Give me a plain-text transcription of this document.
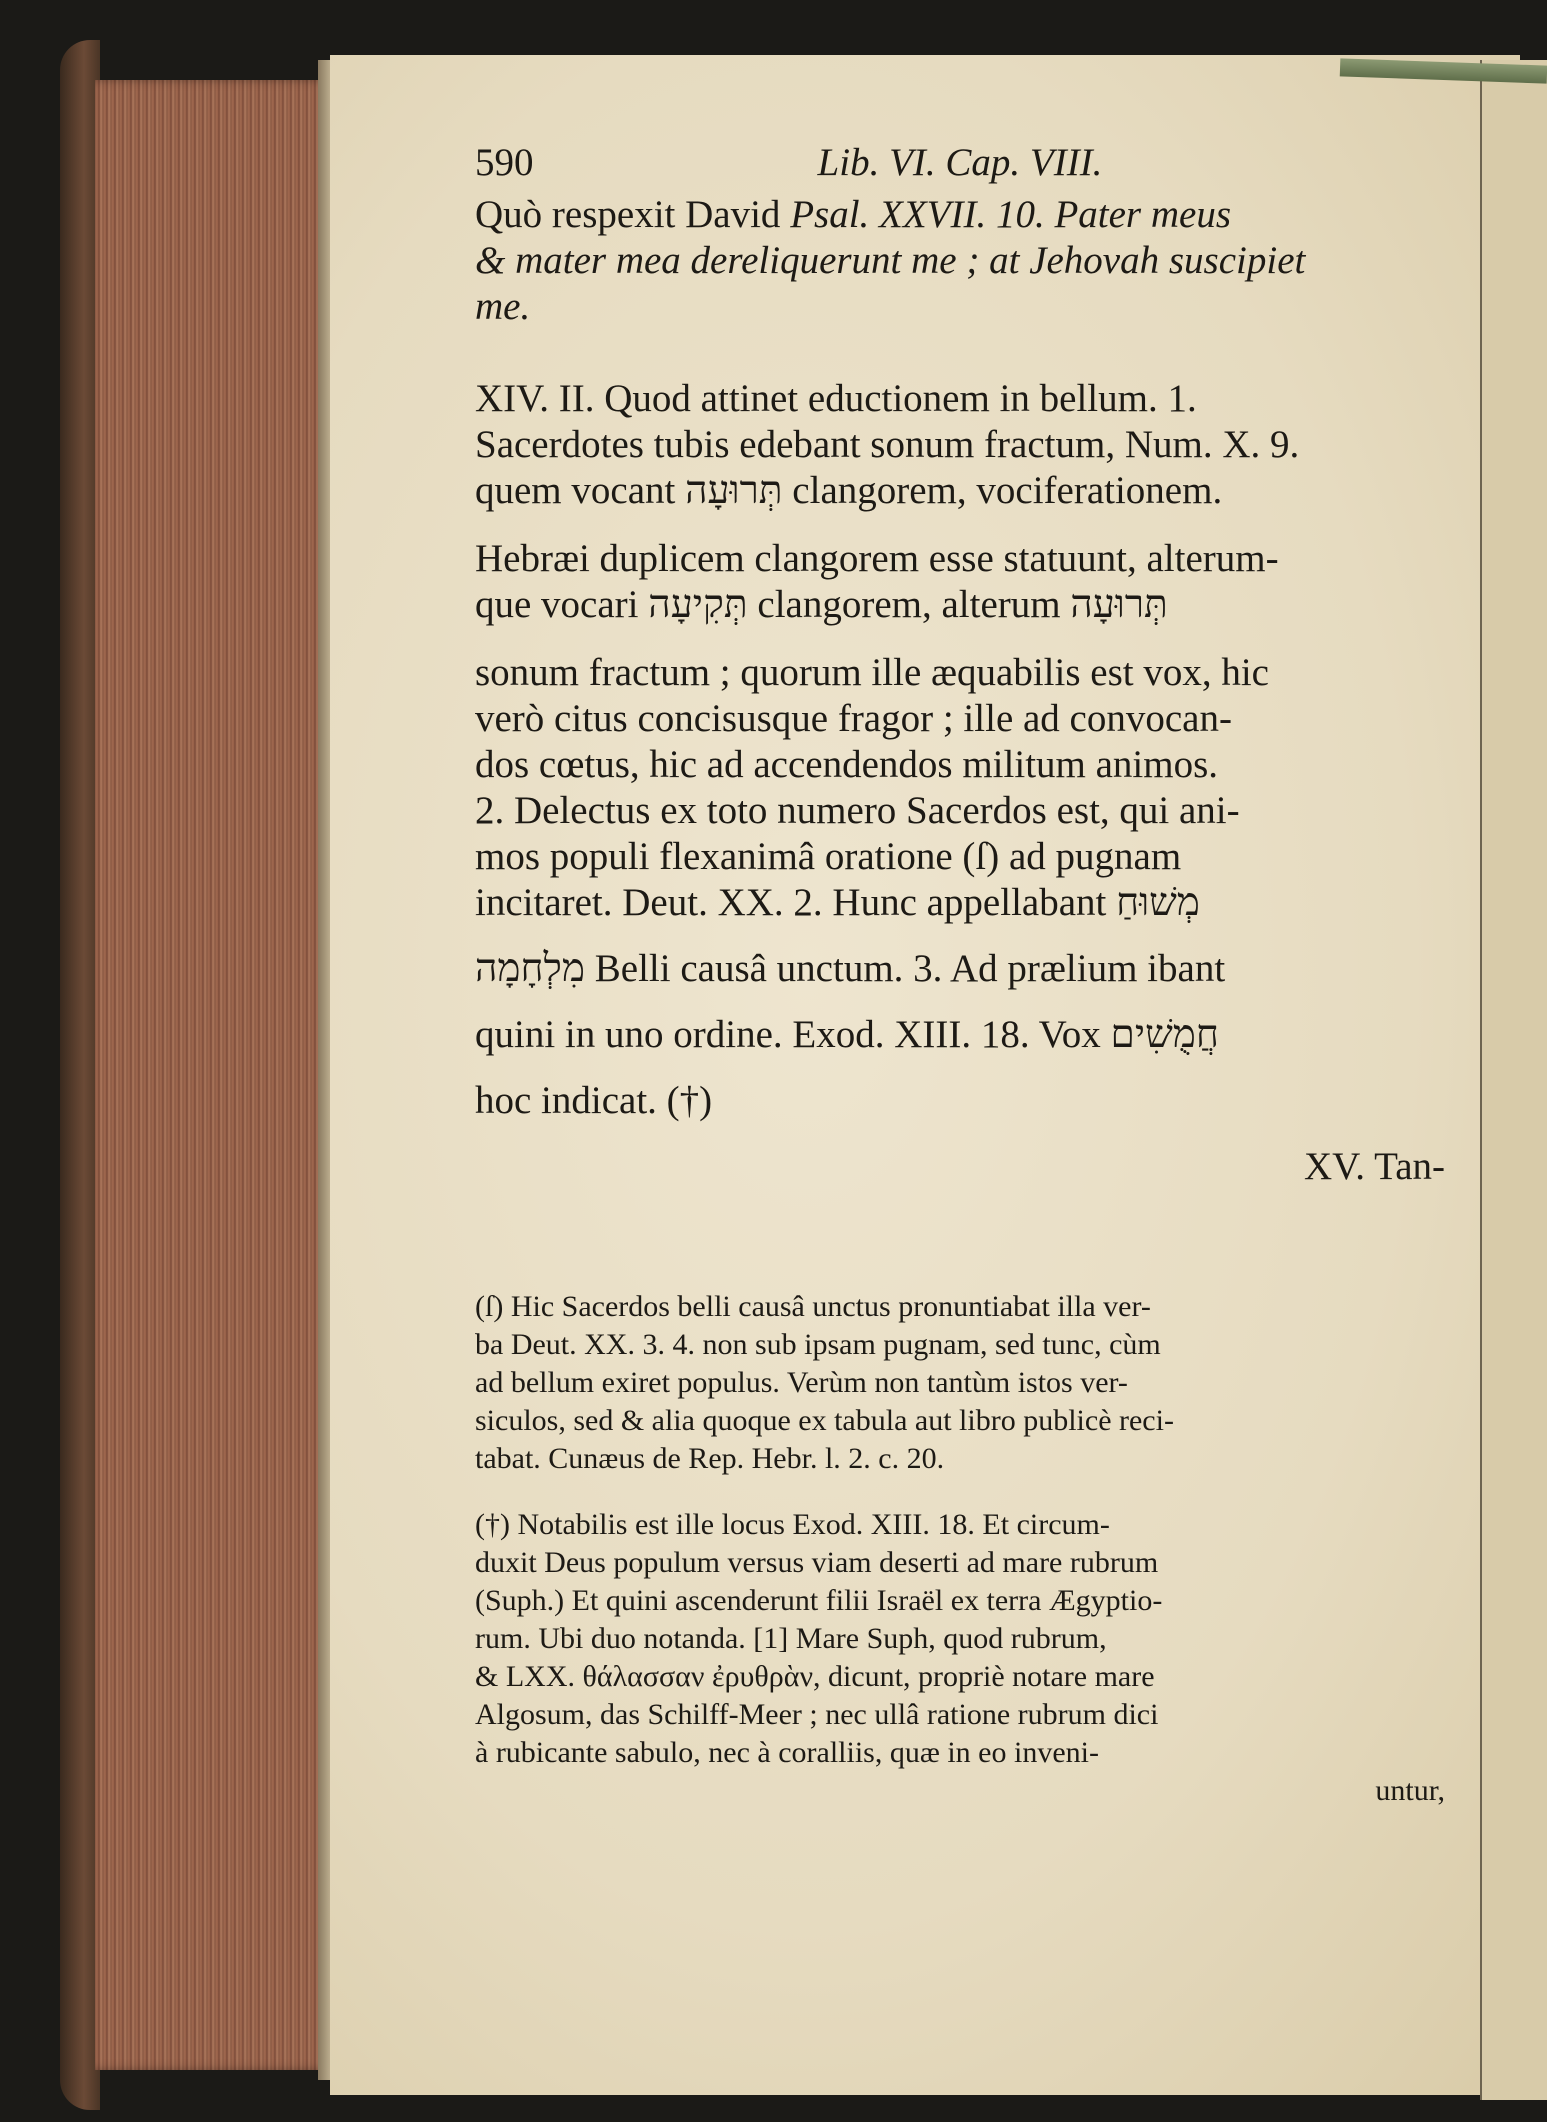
590	Lib. VI. Cap. VIII.
Quò respexit David Psal. XXVII. 10. Pater meus
& mater mea dereliquerunt me ; at Jehovah suscipiet
me.
XIV. II. Quod attinet eductionem in bellum. 1.
Sacerdotes tubis edebant sonum fractum, Num. X. 9.
quem vocant תְּרוּעָה clangorem, vociferationem.
Hebræi duplicem clangorem esse statuunt, alterum-
que vocari תְּקִיעָה clangorem, alterum תְּרוּעָה
sonum fractum ; quorum ille æquabilis est vox, hic
verò citus concisusque fragor ; ille ad convocan-
dos cœtus, hic ad accendendos militum animos.
2. Delectus ex toto numero Sacerdos est, qui ani-
mos populi flexanimâ oratione (ſ) ad pugnam
incitaret. Deut. XX. 2. Hunc appellabant מְשׁוּחַ
מִלְחָמָה Belli causâ unctum. 3. Ad prælium ibant
quini in uno ordine. Exod. XIII. 18. Vox חֲמֻשִׁים
hoc indicat. (†)
XV. Tan-
(ſ) Hic Sacerdos belli causâ unctus pronuntiabat illa ver-
ba Deut. XX. 3. 4. non sub ipsam pugnam, sed tunc, cùm
ad bellum exiret populus. Verùm non tantùm istos ver-
siculos, sed & alia quoque ex tabula aut libro publicè reci-
tabat. Cunæus de Rep. Hebr. l. 2. c. 20.
(†) Notabilis est ille locus Exod. XIII. 18. Et circum-
duxit Deus populum versus viam deserti ad mare rubrum
(Suph.) Et quini ascenderunt filii Israël ex terra Ægyptio-
rum. Ubi duo notanda. [1] Mare Suph, quod rubrum,
& LXX. θάλασσαν ἐρυθρὰν, dicunt, propriè notare mare
Algosum, das Schilff-Meer ; nec ullâ ratione rubrum dici
à rubicante sabulo, nec à coralliis, quæ in eo inveni-
untur,
